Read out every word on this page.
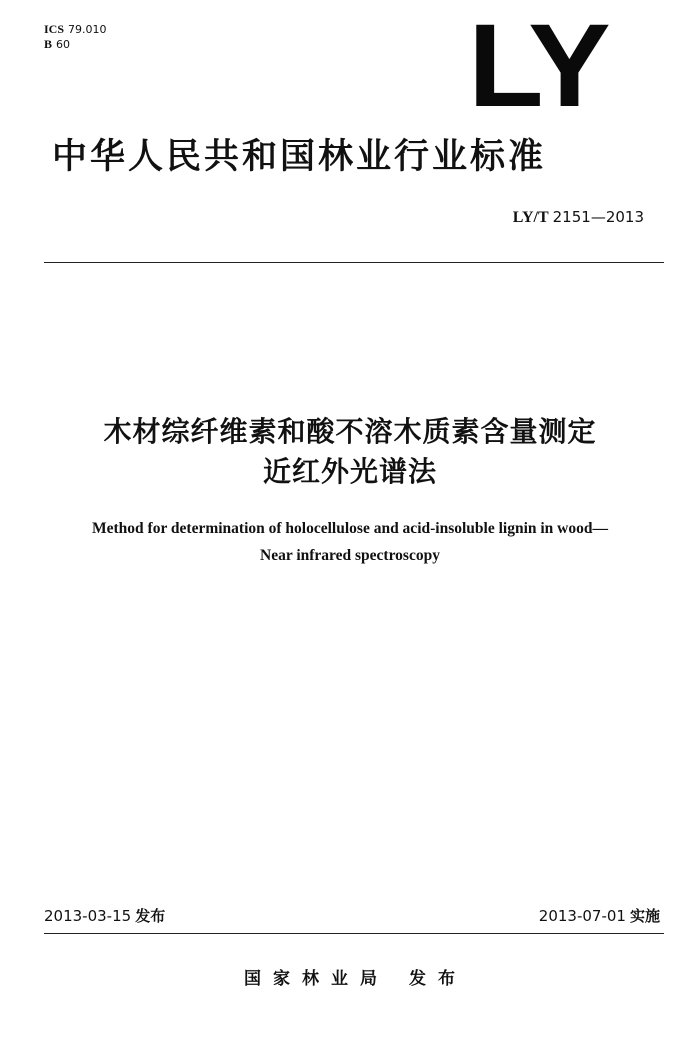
ICS 79.010
B 60	LY
中华人民共和国林业行业标准
LY/T 2151—2013
木材综纤维素和酸不溶木质素含量测定
近红外光谱法
Method for determination of holocellulose and acid-insoluble lignin in wood—
Near infrared spectroscopy
2013-03-15 发布	2013-07-01 实施
国家林业局 发布
